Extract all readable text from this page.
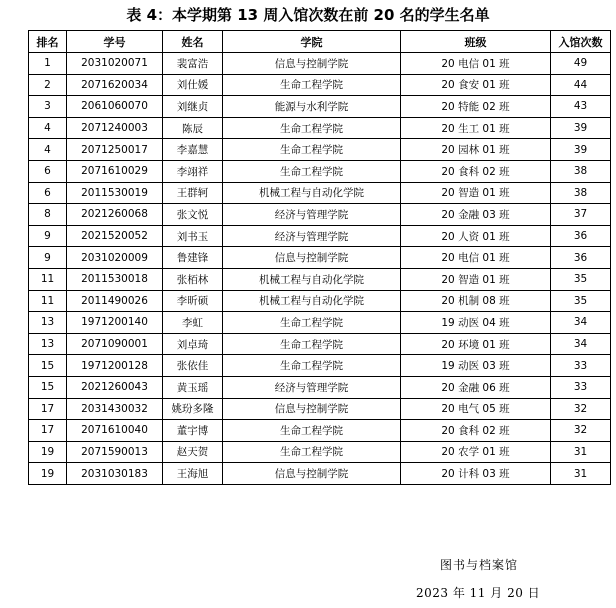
表 4：本学期第 13 周入馆次数在前 20 名的学生名单
排名	学号	姓名	学院	班级	入馆次数
1	2031020071	裴富浩	信息与控制学院	20 电信 01 班	49
2	2071620034	刘仕媛	生命工程学院	20 食安 01 班	44
3	2061060070	刘继贞	能源与水利学院	20 特能 02 班	43
4	2071240003	陈辰	生命工程学院	20 生工 01 班	39
4	2071250017	李嘉慧	生命工程学院	20 园林 01 班	39
6	2071610029	李翊祥	生命工程学院	20 食科 02 班	38
6	2011530019	王群轲	机械工程与自动化学院	20 智造 01 班	38
8	2021260068	张文悦	经济与管理学院	20 金融 03 班	37
9	2021520052	刘书玉	经济与管理学院	20 人资 01 班	36
9	2031020009	鲁建锋	信息与控制学院	20 电信 01 班	36
11	2011530018	张栢林	机械工程与自动化学院	20 智造 01 班	35
11	2011490026	李昕硕	机械工程与自动化学院	20 机制 08 班	35
13	1971200140	李虹	生命工程学院	19 动医 04 班	34
13	2071090001	刘卓琦	生命工程学院	20 环境 01 班	34
15	1971200128	张依佳	生命工程学院	19 动医 03 班	33
15	2021260043	黄玉瑶	经济与管理学院	20 金融 06 班	33
17	2031430032	姚玢多隆	信息与控制学院	20 电气 05 班	32
17	2071610040	董宇博	生命工程学院	20 食科 02 班	32
19	2071590013	赵天贺	生命工程学院	20 农学 01 班	31
19	2031030183	王海旭	信息与控制学院	20 计科 03 班	31
图书与档案馆
2023 年 11 月 20 日
